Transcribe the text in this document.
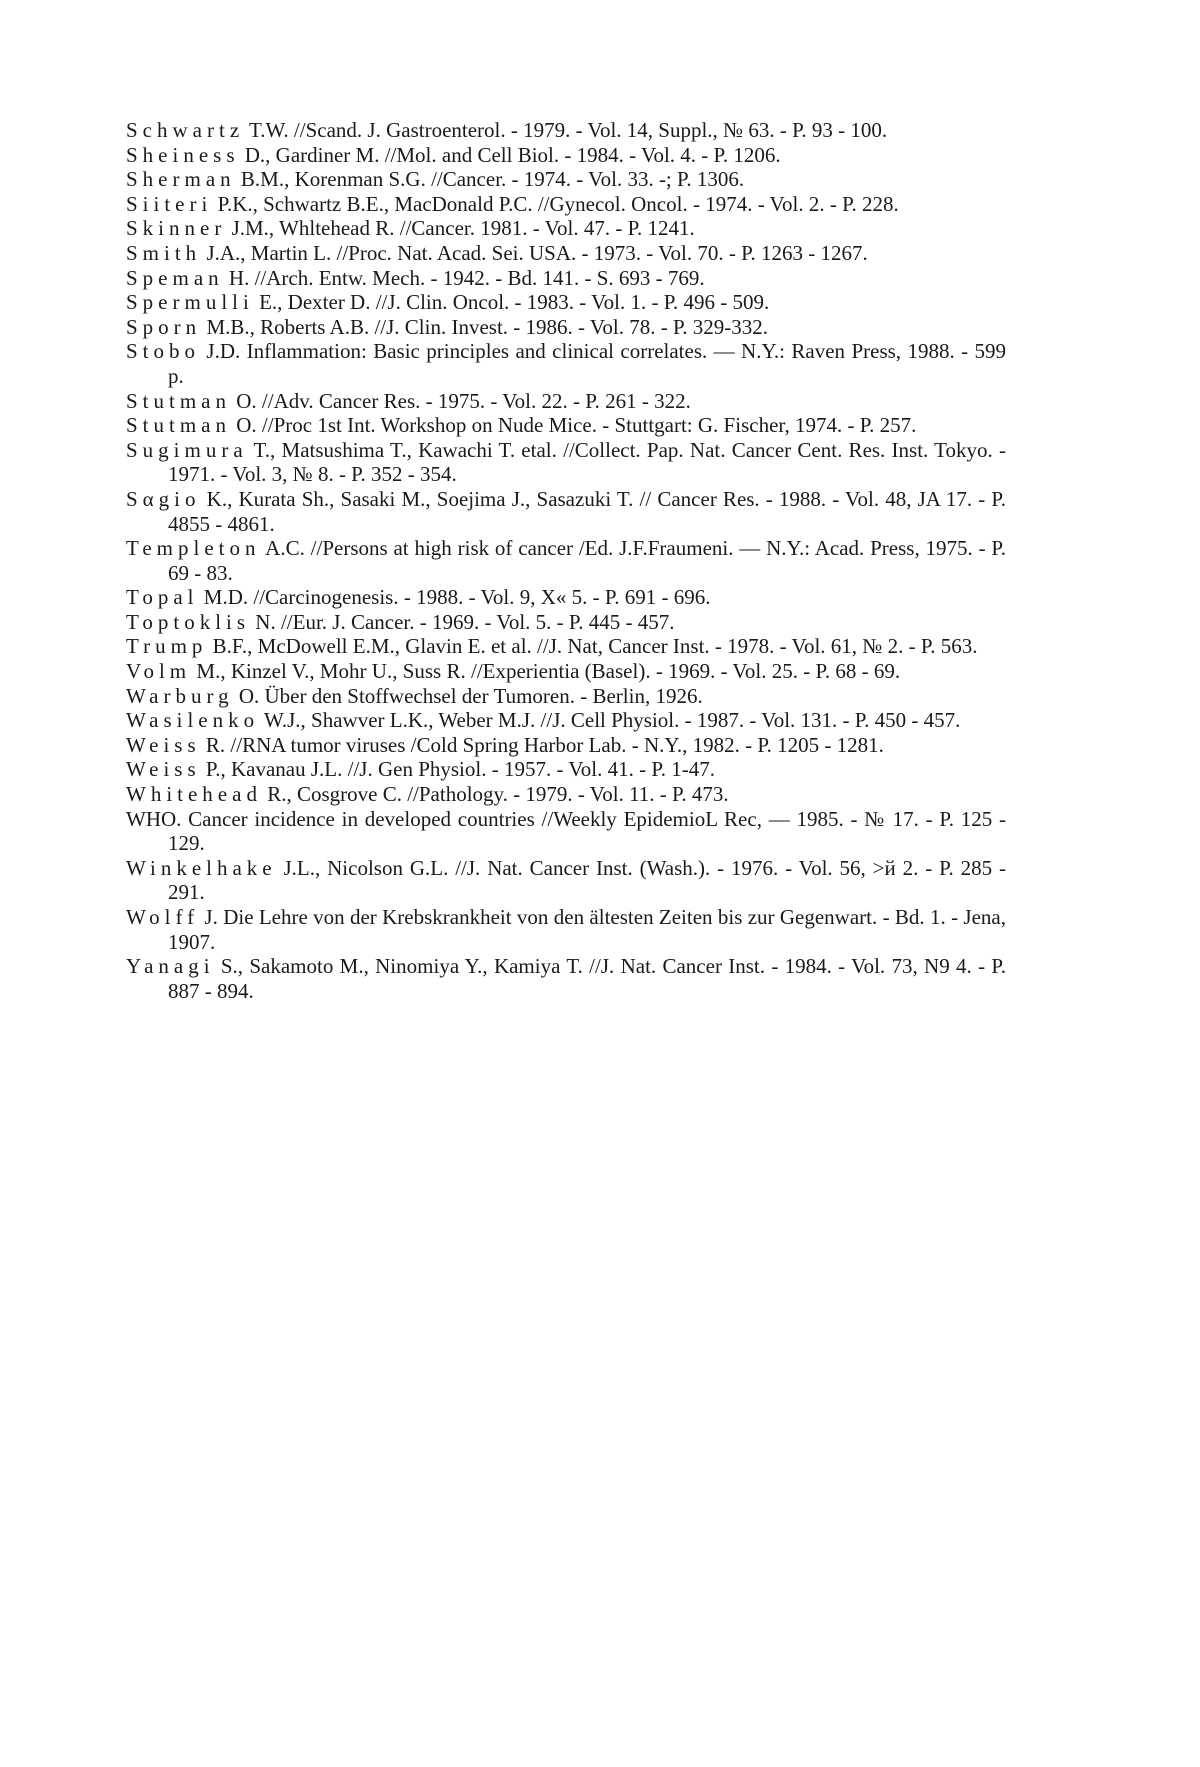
Schwartz T.W. //Scand. J. Gastroenterol. - 1979. - Vol. 14, Suppl., № 63. - P. 93 - 100.
Sheiness D., Gardiner M. //Mol. and Cell Biol. - 1984. - Vol. 4. - P. 1206.
Sherman B.M., Korenman S.G. //Cancer. - 1974. - Vol. 33. -; P. 1306.
Siiteri P.K., Schwartz B.E., MacDonald P.C. //Gynecol. Oncol. - 1974. - Vol. 2. - P. 228.
Skinner J.M., Whltehead R. //Cancer. 1981. - Vol. 47. - P. 1241.
Smith J.A., Martin L. //Proc. Nat. Acad. Sei. USA. - 1973. - Vol. 70. - P. 1263 - 1267.
Speman H. //Arch. Entw. Mech. - 1942. - Bd. 141. - S. 693 - 769.
Spermulli E., Dexter D. //J. Clin. Oncol. - 1983. - Vol. 1. - P. 496 - 509.
Sporn M.B., Roberts A.B. //J. Clin. Invest. - 1986. - Vol. 78. - P. 329-332.
Stobo J.D. Inflammation: Basic principles and clinical correlates. — N.Y.: Raven Press, 1988. - 599 p.
Stutman O. //Adv. Cancer Res. - 1975. - Vol. 22. - P. 261 - 322.
Stutman O. //Proc 1st Int. Workshop on Nude Mice. - Stuttgart: G. Fischer, 1974. - P. 257.
Sugimura T., Matsushima T., Kawachi T. etal. //Collect. Pap. Nat. Cancer Cent. Res. Inst. Tokyo. - 1971. - Vol. 3, № 8. - P. 352 - 354.
Sαgio K., Kurata Sh., Sasaki M., Soejima J., Sasazuki T. // Cancer Res. - 1988. - Vol. 48, JA 17. - P. 4855 - 4861.
Templeton A.C. //Persons at high risk of cancer /Ed. J.F.Fraumeni. — N.Y.: Acad. Press, 1975. - P. 69 - 83.
Topal M.D. //Carcinogenesis. - 1988. - Vol. 9, X« 5. - P. 691 - 696.
Toptoklis N. //Eur. J. Cancer. - 1969. - Vol. 5. - P. 445 - 457.
Trump B.F., McDowell E.M., Glavin E. et al. //J. Nat, Cancer Inst. - 1978. - Vol. 61, № 2. - P. 563.
Volm M., Kinzel V., Mohr U., Suss R. //Experientia (Basel). - 1969. - Vol. 25. - P. 68 - 69.
Warburg O. Über den Stoffwechsel der Tumoren. - Berlin, 1926.
Wasilenko W.J., Shawver L.K., Weber M.J. //J. Cell Physiol. - 1987. - Vol. 131. - P. 450 - 457.
Weiss R. //RNA tumor viruses /Cold Spring Harbor Lab. - N.Y., 1982. - P. 1205 - 1281.
Weiss P., Kavanau J.L. //J. Gen Physiol. - 1957. - Vol. 41. - P. 1-47.
Whitehead R., Cosgrove C. //Pathology. - 1979. - Vol. 11. - P. 473.
WHO. Cancer incidence in developed countries //Weekly EpidemioL Rec, — 1985. - № 17. - P. 125 - 129.
Winkelhake J.L., Nicolson G.L. //J. Nat. Cancer Inst. (Wash.). - 1976. - Vol. 56, >й 2. - P. 285 - 291.
Wolff J. Die Lehre von der Krebskrankheit von den ältesten Zeiten bis zur Gegenwart. - Bd. 1. - Jena, 1907.
Yanagi S., Sakamoto M., Ninomiya Y., Kamiya T. //J. Nat. Cancer Inst. - 1984. - Vol. 73, N9 4. - P. 887 - 894.
